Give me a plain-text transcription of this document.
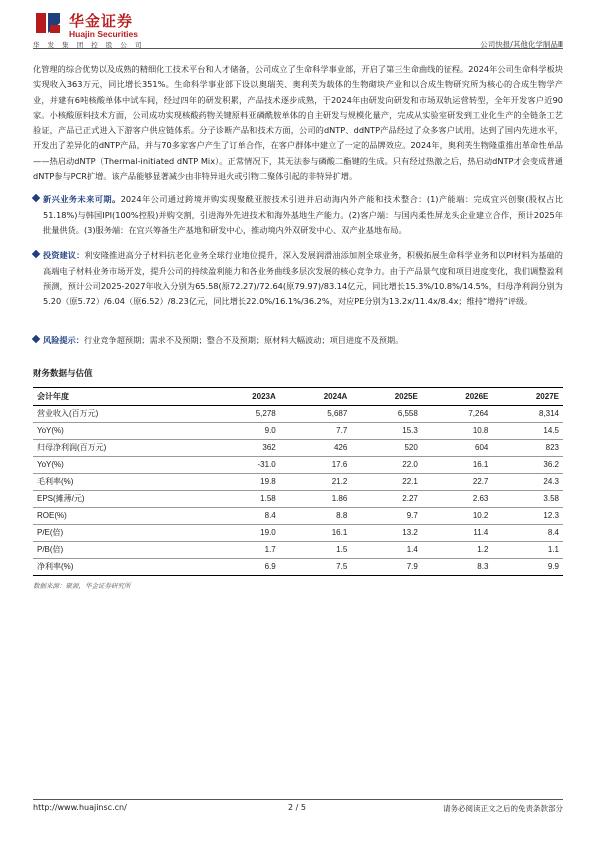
华金证券
Huajin Securities
华 发 集 团 控 股 公 司	公司快报/其他化学制品Ⅲ

化管理的综合优势以及成熟的精细化工技术平台和人才储备，公司成立了生命科学事业部，开启了第三生命曲线的征程。2024年公司生命科学板块实现收入363万元，同比增长351%。生命科学事业部下设以奥瑞芙、奥利芙为载体的生物砌块产业和以合成生物研究所为核心的合成生物学产业，并建有6吨核酸单体中试车间，经过四年的研发积累，产品技术逐步成熟，于2024年由研发向研发和市场双轨运营转型，全年开发客户近90家。小核酸原料技术方面，公司成功实现核酸药物关键原料亚磷酰胺单体的自主研发与规模化量产，完成从实验室研发到工业化生产的全链条工艺验证，产品已正式进入下游客户供应链体系。分子诊断产品和技术方面，公司的dNTP、ddNTP产品经过了众多客户试用，达到了国内先进水平，开发出了差异化的dNTP产品，并与70多家客户产生了订单合作，在客户群体中建立了一定的品牌效应。2024年，奥利芙生物隆重推出革命性单品——热启动dNTP（Thermal-initiated dNTP Mix）。正常情况下，其无法参与磷酸二酯键的生成。只有经过热激之后，热启动dNTP才会变成普通dNTP参与PCR扩增。该产品能够显著减少由非特异退火或引物二聚体引起的非特异扩增。

新兴业务未来可期。2024年公司通过跨境并购实现聚酰亚胺技术引进并启动海内外产能和技术整合：(1)产能端：完成宜兴创聚(股权占比51.18%)与韩国IPI(100%控股)并购交割，引进海外先进技术和海外基地生产能力。(2)客户端：与国内柔性屏龙头企业建立合作，预计2025年批量供货。(3)服务端：在宜兴筹备生产基地和研发中心，推动境内外双研发中心、双产业基地布局。

投资建议：利安隆推进高分子材料抗老化业务全球行业地位提升，深入发展润滑油添加剂全球业务，积极拓展生命科学业务和以PI材料为基础的高端电子材料业务市场开发，提升公司的持续盈利能力和各业务曲线多层次发展的核心竞争力。由于产品景气度和项目进度变化，我们调整盈利预测，预计公司2025-2027年收入分别为65.58(原72.27)/72.64(原79.97)/83.14亿元，同比增长15.3%/10.8%/14.5%，归母净利润分别为5.20（原5.72）/6.04（原6.52）/8.23亿元，同比增长22.0%/16.1%/36.2%，对应PE分别为13.2x/11.4x/8.4x；维持“增持”评级。

风险提示：行业竞争超预期；需求不及预期；整合不及预期；原材料大幅波动；项目进度不及预期。

财务数据与估值
会计年度	2023A	2024A	2025E	2026E	2027E
营业收入(百万元)	5,278	5,687	6,558	7,264	8,314
YoY(%)	9.0	7.7	15.3	10.8	14.5
归母净利润(百万元)	362	426	520	604	823
YoY(%)	-31.0	17.6	22.0	16.1	36.2
毛利率(%)	19.8	21.2	22.1	22.7	24.3
EPS(摊薄/元)	1.58	1.86	2.27	2.63	3.58
ROE(%)	8.4	8.8	9.7	10.2	12.3
P/E(倍)	19.0	16.1	13.2	11.4	8.4
P/B(倍)	1.7	1.5	1.4	1.2	1.1
净利率(%)	6.9	7.5	7.9	8.3	9.9
数据来源：聚源，华金证券研究所
http://www.huajinsc.cn/	2 / 5	请务必阅读正文之后的免责条款部分
